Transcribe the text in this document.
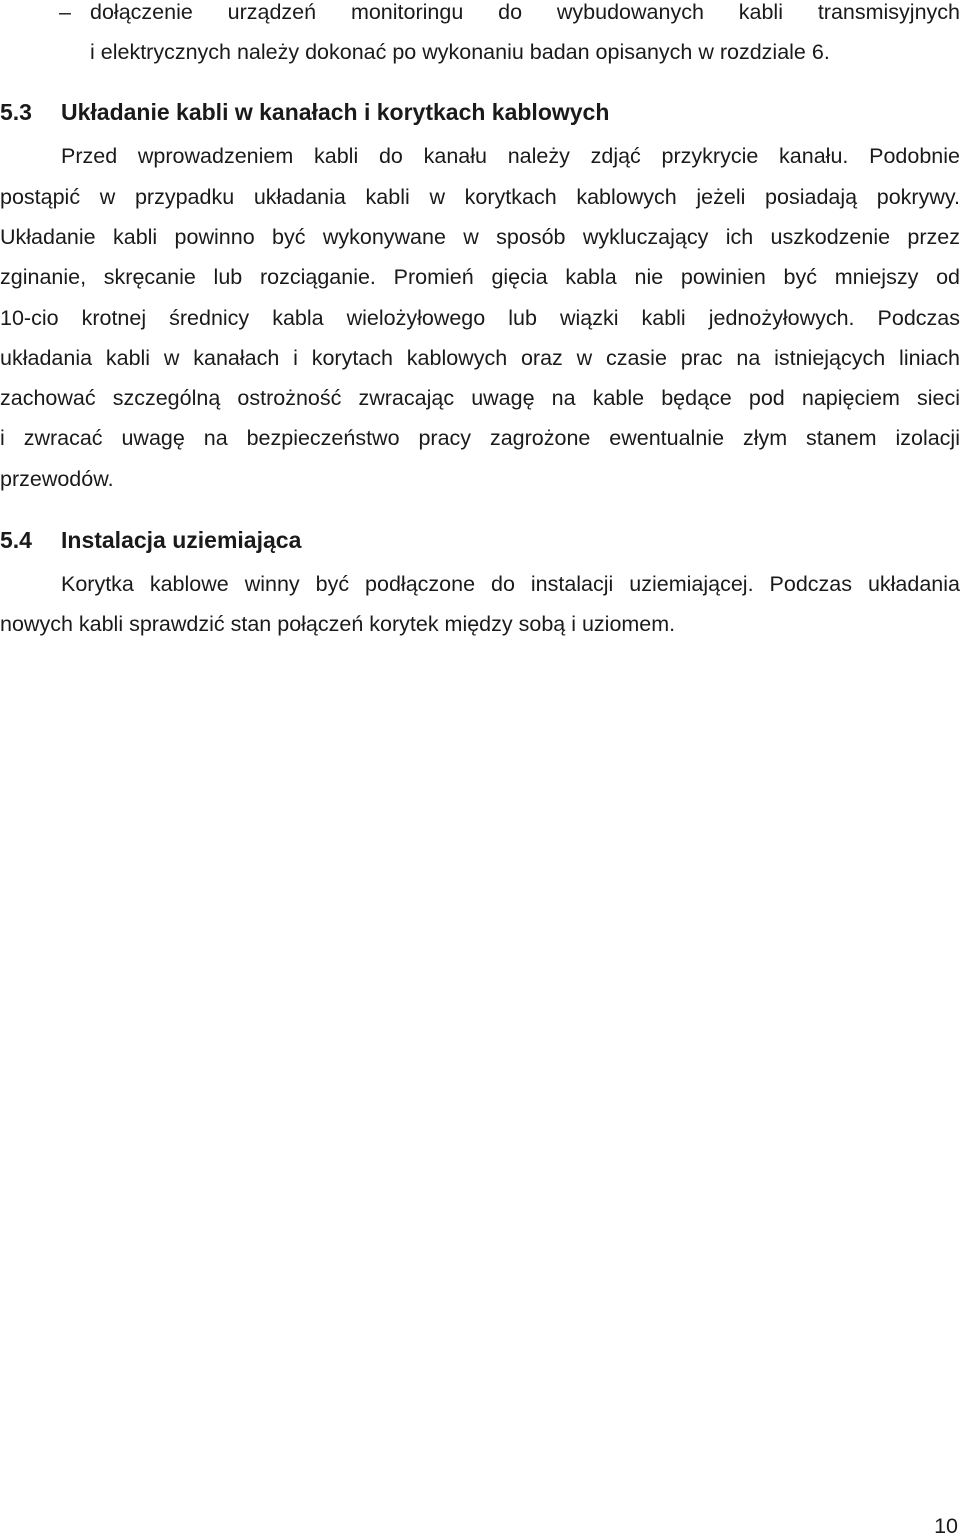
– dołączenie urządzeń monitoringu do wybudowanych kabli transmisyjnych
i elektrycznych należy dokonać po wykonaniu badan opisanych w rozdziale 6.
5.3 Układanie kabli w kanałach i korytkach kablowych
Przed wprowadzeniem kabli do kanału należy zdjąć przykrycie kanału. Podobnie
postąpić w przypadku układania kabli w korytkach kablowych jeżeli posiadają pokrywy.
Układanie kabli powinno być wykonywane w sposób wykluczający ich uszkodzenie przez
zginanie, skręcanie lub rozciąganie. Promień gięcia kabla nie powinien być mniejszy od
10-cio krotnej średnicy kabla wielożyłowego lub wiązki kabli jednożyłowych. Podczas
układania kabli w kanałach i korytach kablowych oraz w czasie prac na istniejących liniach
zachować szczególną ostrożność zwracając uwagę na kable będące pod napięciem sieci
i zwracać uwagę na bezpieczeństwo pracy zagrożone ewentualnie złym stanem izolacji
przewodów.
5.4 Instalacja uziemiająca
Korytka kablowe winny być podłączone do instalacji uziemiającej. Podczas układania
nowych kabli sprawdzić stan połączeń korytek między sobą i uziomem.
10
